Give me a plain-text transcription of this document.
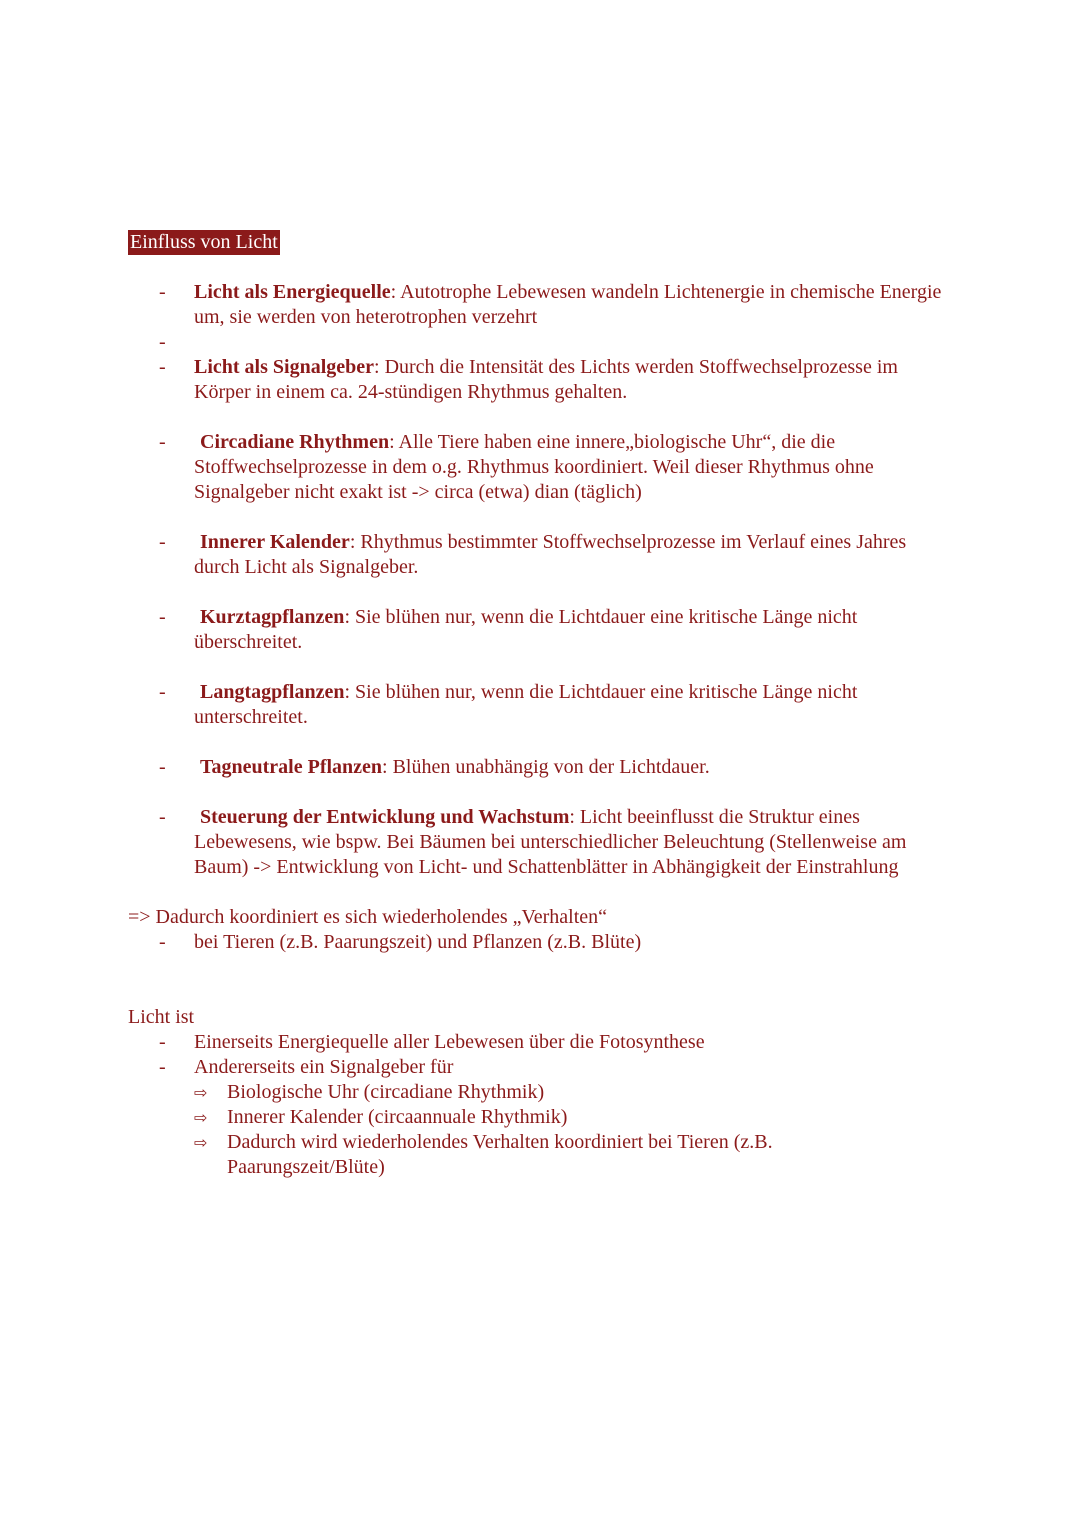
Einfluss von Licht
- Licht als Energiequelle: Autotrophe Lebewesen wandeln Lichtenergie in chemische Energie um, sie werden von heterotrophen verzehrt
-
- Licht als Signalgeber: Durch die Intensität des Lichts werden Stoffwechselprozesse im Körper in einem ca. 24-stündigen Rhythmus gehalten.
-	Circadiane Rhythmen: Alle Tiere haben eine innere„biologische Uhr“, die die Stoffwechselprozesse in dem o.g. Rhythmus koordiniert. Weil dieser Rhythmus ohne Signalgeber nicht exakt ist -> circa (etwa) dian (täglich)
-	Innerer Kalender: Rhythmus bestimmter Stoffwechselprozesse im Verlauf eines Jahres durch Licht als Signalgeber.
-	Kurztagpflanzen: Sie blühen nur, wenn die Lichtdauer eine kritische Länge nicht überschreitet.
-	Langtagpflanzen: Sie blühen nur, wenn die Lichtdauer eine kritische Länge nicht unterschreitet.
-	Tagneutrale Pflanzen: Blühen unabhängig von der Lichtdauer.
-	Steuerung der Entwicklung und Wachstum: Licht beeinflusst die Struktur eines Lebewesens, wie bspw. Bei Bäumen bei unterschiedlicher Beleuchtung (Stellenweise am Baum) -> Entwicklung von Licht- und Schattenblätter in Abhängigkeit der Einstrahlung
=> Dadurch koordiniert es sich wiederholendes „Verhalten“
- bei Tieren (z.B. Paarungszeit) und Pflanzen (z.B. Blüte)
Licht ist
- Einerseits Energiequelle aller Lebewesen über die Fotosynthese
- Andererseits ein Signalgeber für
⇨ Biologische Uhr (circadiane Rhythmik)
⇨ Innerer Kalender (circaannuale Rhythmik)
⇨ Dadurch wird wiederholendes Verhalten koordiniert bei Tieren (z.B. Paarungszeit/Blüte)
